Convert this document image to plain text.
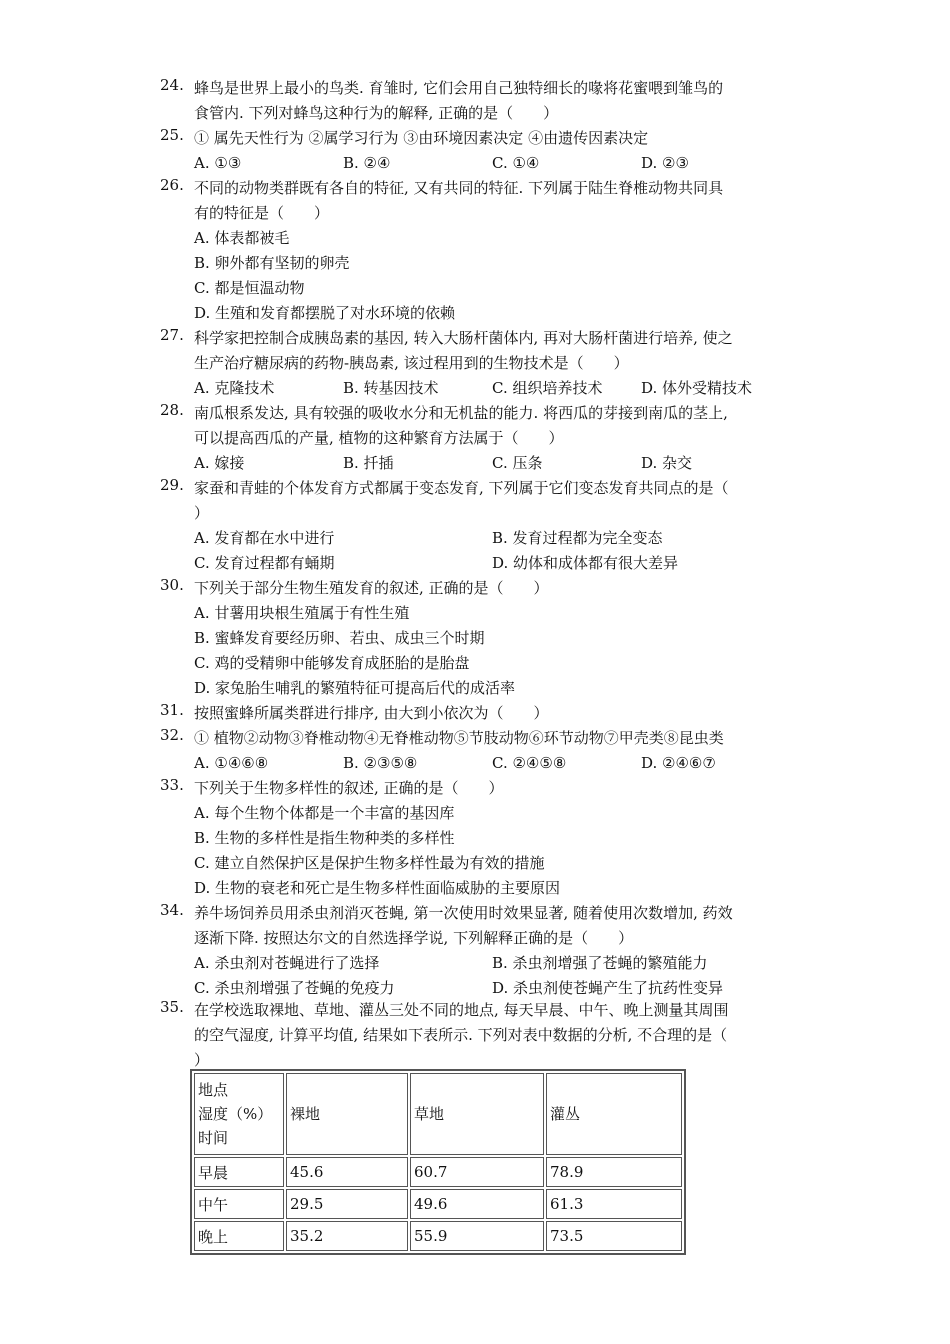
24. 蜂鸟是世界上最小的鸟类. 育雏时, 它们会用自己独特细长的喙将花蜜喂到雏鸟的
食管内. 下列对蜂鸟这种行为的解释, 正确的是（　　）
25. ① 属先天性行为 ②属学习行为 ③由环境因素决定 ④由遗传因素决定
A. ①③	B. ②④	C. ①④	D. ②③
26. 不同的动物类群既有各自的特征, 又有共同的特征. 下列属于陆生脊椎动物共同具
有的特征是（　　）
A. 体表都被毛
B. 卵外都有坚韧的卵壳
C. 都是恒温动物
D. 生殖和发育都摆脱了对水环境的依赖
27. 科学家把控制合成胰岛素的基因, 转入大肠杆菌体内, 再对大肠杆菌进行培养, 使之
生产治疗糖尿病的药物-胰岛素, 该过程用到的生物技术是（　　）
A. 克隆技术	B. 转基因技术	C. 组织培养技术	D. 体外受精技术
28. 南瓜根系发达, 具有较强的吸收水分和无机盐的能力. 将西瓜的芽接到南瓜的茎上,
可以提高西瓜的产量, 植物的这种繁育方法属于（　　）
A. 嫁接	B. 扦插	C. 压条	D. 杂交
29. 家蚕和青蛙的个体发育方式都属于变态发育, 下列属于它们变态发育共同点的是（
）
A. 发育都在水中进行	B. 发育过程都为完全变态
C. 发育过程都有蛹期	D. 幼体和成体都有很大差异
30. 下列关于部分生物生殖发育的叙述, 正确的是（　　）
A. 甘薯用块根生殖属于有性生殖
B. 蜜蜂发育要经历卵、若虫、成虫三个时期
C. 鸡的受精卵中能够发育成胚胎的是胎盘
D. 家兔胎生哺乳的繁殖特征可提高后代的成活率
31. 按照蜜蜂所属类群进行排序, 由大到小依次为（　　）
32. ① 植物②动物③脊椎动物④无脊椎动物⑤节肢动物⑥环节动物⑦甲壳类⑧昆虫类
A. ①④⑥⑧	B. ②③⑤⑧	C. ②④⑤⑧	D. ②④⑥⑦
33. 下列关于生物多样性的叙述, 正确的是（　　）
A. 每个生物个体都是一个丰富的基因库
B. 生物的多样性是指生物种类的多样性
C. 建立自然保护区是保护生物多样性最为有效的措施
D. 生物的衰老和死亡是生物多样性面临威胁的主要原因
34. 养牛场饲养员用杀虫剂消灭苍蝇, 第一次使用时效果显著, 随着使用次数增加, 药效
逐渐下降. 按照达尔文的自然选择学说, 下列解释正确的是（　　）
A. 杀虫剂对苍蝇进行了选择	B. 杀虫剂增强了苍蝇的繁殖能力
C. 杀虫剂增强了苍蝇的免疫力	D. 杀虫剂使苍蝇产生了抗药性变异
35. 在学校选取裸地、草地、灌丛三处不同的地点, 每天早晨、中午、晚上测量其周围
的空气湿度, 计算平均值, 结果如下表所示. 下列对表中数据的分析, 不合理的是（
）
地点
湿度（%）
时间	裸地	草地	灌丛
早晨	45.6	60.7	78.9
中午	29.5	49.6	61.3
晚上	35.2	55.9	73.5
